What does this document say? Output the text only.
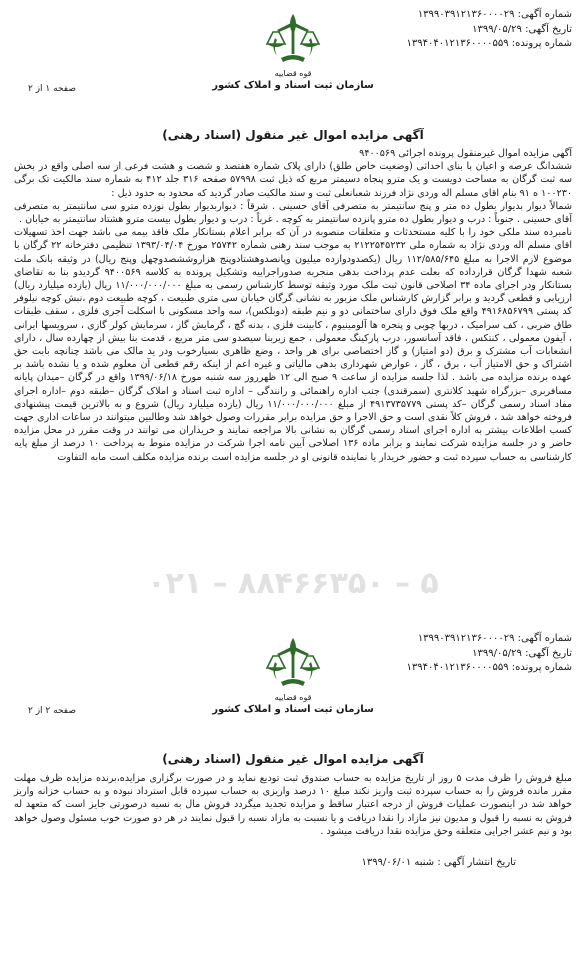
شماره آگهی: ۱۳۹۹۰۳۹۱۲۱۳۶۰۰۰۰۲۹
تاریخ آگهی: ۱۳۹۹/۰۵/۲۹
شماره پرونده: ۱۳۹۴۰۴۰۱۲۱۳۶۰۰۰۰۵۵۹
قوه قضاییه
سازمان ثبت اسناد و املاک کشور
صفحه ۱ از ۲
آگهی مزایده اموال غیر منقول (اسناد رهنی)

آگهی مزایده اموال غیرمنقول پرونده اجرائی ۹۴۰۰۵۶۹

ششدانگ عرصه و اعیان با بنای احداثی (وضعیت خاص طلق) دارای پلاک شماره هفتصد و شصت و هشت فرعی از سه اصلی واقع در بخش سه ثبت گرگان به مساحت دویست و یک مترو پنجاه دسیمتر مربع که ذیل ثبت ۵۷۹۹۸ صفحه ۳۱۶ جلد ۴۱۲ به شماره سند مالکیت تک برگی ۱۰۰۲۳۰ ه ۹۱ بنام اقای مسلم اله وردی نژاد فرزند شعبانعلی ثبت و سند مالکیت صادر گردید که محدود به حدود ذیل :

شمالاً دیوار بدیوار بطول ده متر و پنج سانتیمتر به متصرفی آقای حسینی . شرقاً : دیواربدیوار بطول نوزده مترو سی سانتیمتر به متصرفی آقای حسینی . جنوباً : درب و دیوار بطول ده مترو پانزده سانتیمتر به کوچه . غرباً : درب و دیوار بطول بیست مترو هشتاد سانتیمتر به خیابان .

نامبرده سند ملکی خود را با کلیه مستحدثات و متعلقات منصوبه در آن که برابر اعلام بستانکار ملک فاقد بیمه می باشد جهت اخذ تسهیلات اقای مسلم اله وردی نژاد به شماره ملی ۲۱۲۲۵۴۵۲۳۲ به موجب سند رهنی شماره ۲۵۷۴۲ مورخ ۱۳۹۳/۰۴/۰۴ تنظیمی دفترخانه ۲۲ گرگان با موضوع لازم الاجرا به مبلغ ۱۱۲/۵۸۵/۶۴۵ ریال (یکصدودوازده میلیون وپانصدوهشتادوپنج هزاروششصدوچهل وپنج ریال) در وثیقه بانک ملت شعبه شهدا گرگان قرارداده که بعلت عدم پرداخت بدهی منجربه صدوراجراییه وتشکیل پرونده به کلاسه ۹۴۰۰۵۶۹ گردیدو بنا به تقاضای بستانکار ودر اجرای ماده ۳۴ اصلاحی قانون ثبت ملک مورد وثیقه توسط کارشناس رسمی به مبلغ ۱۱/۰۰۰/۰۰۰/۰۰۰ ریال (یازده میلیارد ریال) ارزیابی و قطعی گردید و برابر گزارش کارشناس ملک مزبور به نشانی گرگان خیابان سی متری طبیعت ، کوچه طبیعت دوم ،نبش کوچه نیلوفر کد پستی ۴۹۱۶۸۵۶۷۹۹ واقع ملک فوق دارای ساختمانی دو و نیم طبقه (دوبلکس)، سه واحد مسکونی با اسکلت آجری فلزی ، سقف طبقات طاق ضربی ، کف سرامیک ، دربها چوبی و پنجره ها آلومینیوم ، کابینت فلزی ، بدنه گچ ، گرمایش گاز ، سرمایش کولر گازی ، سرویسها ایرانی ، آیفون معمولی ، کنتکس ، فاقد آسانسور، درب پارکینگ معمولی ، جمع زیربنا سیصدو سی متر مربع ، قدمت بنا بیش از چهارده سال ، دارای انشعابات آب مشترک و برق (دو امتیاز) و گاز اختصاصی برای هر واحد ، وضع ظاهری بسیارخوب ودر ید مالک می باشد چنانچه بابت حق اشتراک و حق الامتیاز آب ، برق ، گاز ، عوارض شهرداری بدهی مالیاتی و غیره اعم از اینکه رقم قطعی آن معلوم شده و یا نشده باشد بر عهده برنده مزایده می باشد . لذا جلسه مزایده از ساعت ۹ صبح الی ۱۲ ظهرروز سه شنبه مورخ ۱۳۹۹/۰۶/۱۸ واقع در گرگان –میدان پایانه مسافربری –بزرگراه شهید کلانتری (سمرقندی) جنب اداره راهنمائی و رانندگی – اداره ثبت اسناد و املاک گرگان –طبقه دوم –اداره اجرای مفاد اسناد رسمی گرگان –کد پستی ۴۹۱۳۷۳۵۷۷۹ از مبلغ ۱۱/۰۰۰/۰۰۰/۰۰۰ ریال (یازده میلیارد ریال) شروع و به بالاترین قیمت پیشنهادی فروخته خواهد شد ، فروش کلاً نقدی است و حق الاجرا و حق مزایده برابر مقررات وصول خواهد شد وطالبین میتوانند در ساعات اداری جهت کسب اطلاعات بیشتر به اداره اجرای اسناد رسمی گرگان به نشانی بالا مراجعه نمایند و خریداران می توانند در وقت مقرر در محل مزایده حاضر و در جلسه مزایده شرکت نمایند و برابر ماده ۱۳۶ اصلاحی آیین نامه اجرا شرکت در مزایده منوط به پرداخت ۱۰ درصد از مبلغ پایه کارشناسی به حساب سپرده ثبت و حضور خریدار یا نماینده قانونی او در جلسه مزایده است برنده مزایده مکلف است مابه التفاوت

۰۲۱ – ۸۸۴۶۶۳۵۰ – ۵
شماره آگهی: ۱۳۹۹۰۳۹۱۲۱۳۶۰۰۰۰۲۹
تاریخ آگهی: ۱۳۹۹/۰۵/۲۹
شماره پرونده: ۱۳۹۴۰۴۰۱۲۱۳۶۰۰۰۰۵۵۹
قوه قضاییه
سازمان ثبت اسناد و املاک کشور
صفحه ۲ از ۲
آگهی مزایده اموال غیر منقول (اسناد رهنی)

مبلغ فروش را ظرف مدت ۵ روز از تاریخ مزایده به حساب صندوق ثبت تودیع نماید و در صورت برگزاری مزایده،برنده مزایده ظرف مهلت مقرر مانده فروش را به حساب سپرده ثبت واریز نکند مبلغ ۱۰ درصد واریزی به حساب سپرده قابل استرداد نبوده و به حساب خزانه واریز خواهد شد در اینصورت عملیات فروش از درجه اعتبار ساقط و مزایده تجدید میگردد فروش مال به نسبه درصورتی جایز است که متعهد له فروش به نسبه را قبول و مدیون نیز مازاد را نقدا دریافت و یا نسبت به مازاد نسبه را قبول نمایند در هر دو صورت خوب مسئول وصول خواهد بود و نیم عشر اجرایی متعلقه وحق مزایده نقدا دریافت میشود .

تاریخ انتشار آگهی : شنبه ۱۳۹۹/۰۶/۰۱
